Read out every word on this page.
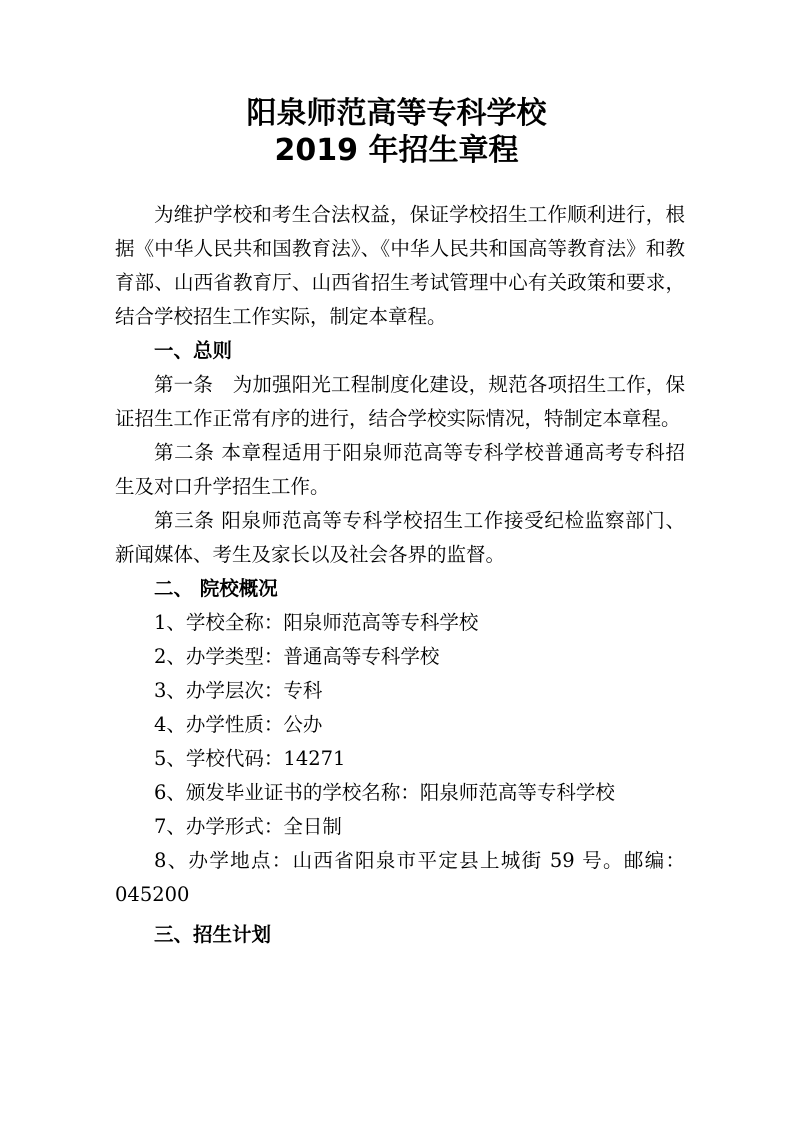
阳泉师范高等专科学校
2019 年招生章程

为维护学校和考生合法权益，保证学校招生工作顺利进行，根据《中华人民共和国教育法》、《中华人民共和国高等教育法》和教育部、山西省教育厅、山西省招生考试管理中心有关政策和要求，结合学校招生工作实际，制定本章程。

一、总则

第一条　为加强阳光工程制度化建设，规范各项招生工作，保证招生工作正常有序的进行，结合学校实际情况，特制定本章程。

第二条 本章程适用于阳泉师范高等专科学校普通高考专科招生及对口升学招生工作。

第三条 阳泉师范高等专科学校招生工作接受纪检监察部门、新闻媒体、考生及家长以及社会各界的监督。

二、 院校概况

1、学校全称：阳泉师范高等专科学校

2、办学类型：普通高等专科学校

3、办学层次：专科

4、办学性质：公办

5、学校代码：14271

6、颁发毕业证书的学校名称：阳泉师范高等专科学校

7、办学形式：全日制

8、办学地点：山西省阳泉市平定县上城街 59 号。邮编：045200

三、招生计划
